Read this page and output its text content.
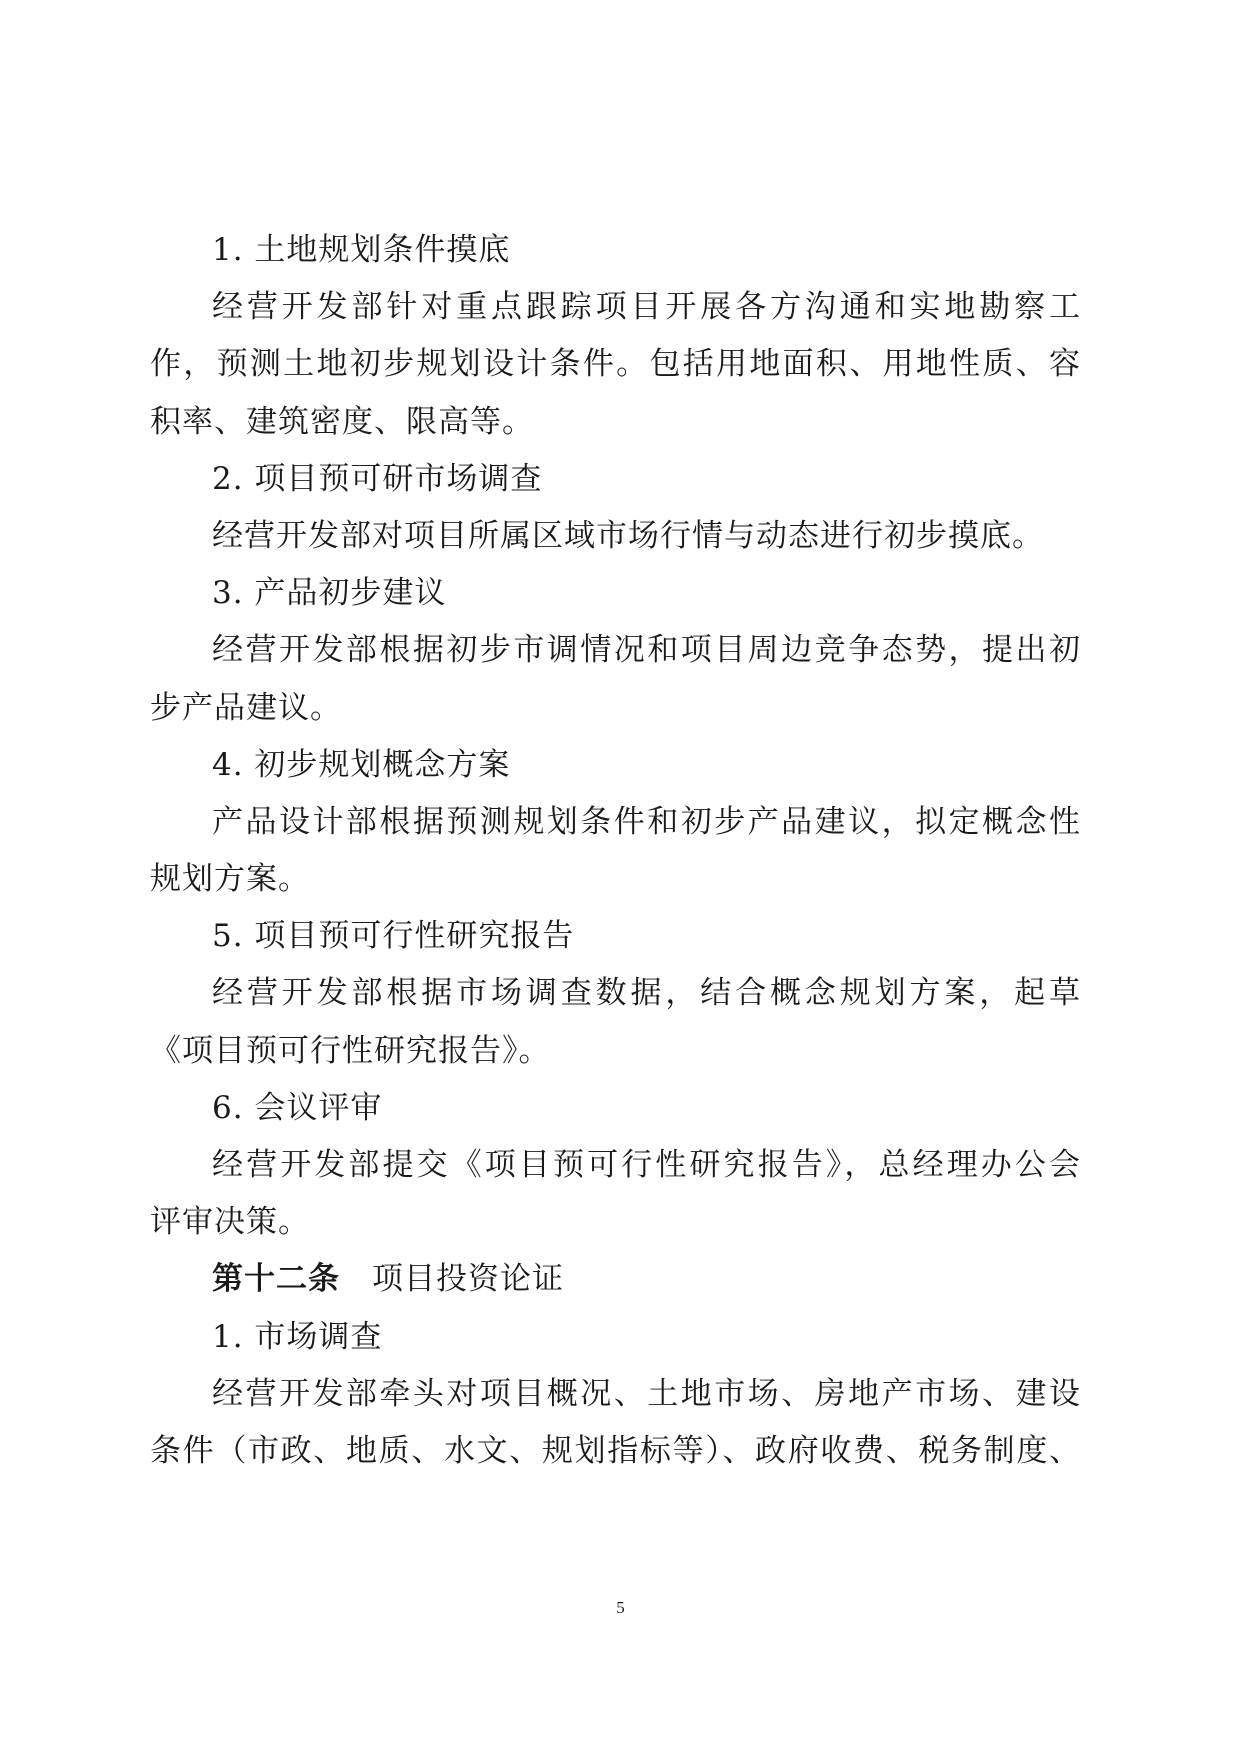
1. 土地规划条件摸底
经营开发部针对重点跟踪项目开展各方沟通和实地勘察工
作，预测土地初步规划设计条件。包括用地面积、用地性质、容
积率、建筑密度、限高等。
2. 项目预可研市场调查
经营开发部对项目所属区域市场行情与动态进行初步摸底。
3. 产品初步建议
经营开发部根据初步市调情况和项目周边竞争态势，提出初
步产品建议。
4. 初步规划概念方案
产品设计部根据预测规划条件和初步产品建议，拟定概念性
规划方案。
5. 项目预可行性研究报告
经营开发部根据市场调查数据，结合概念规划方案，起草
《项目预可行性研究报告》。
6. 会议评审
经营开发部提交《项目预可行性研究报告》，总经理办公会
评审决策。
第十二条 项目投资论证
1. 市场调查
经营开发部牵头对项目概况、土地市场、房地产市场、建设
条件（市政、地质、水文、规划指标等）、政府收费、税务制度、
5
